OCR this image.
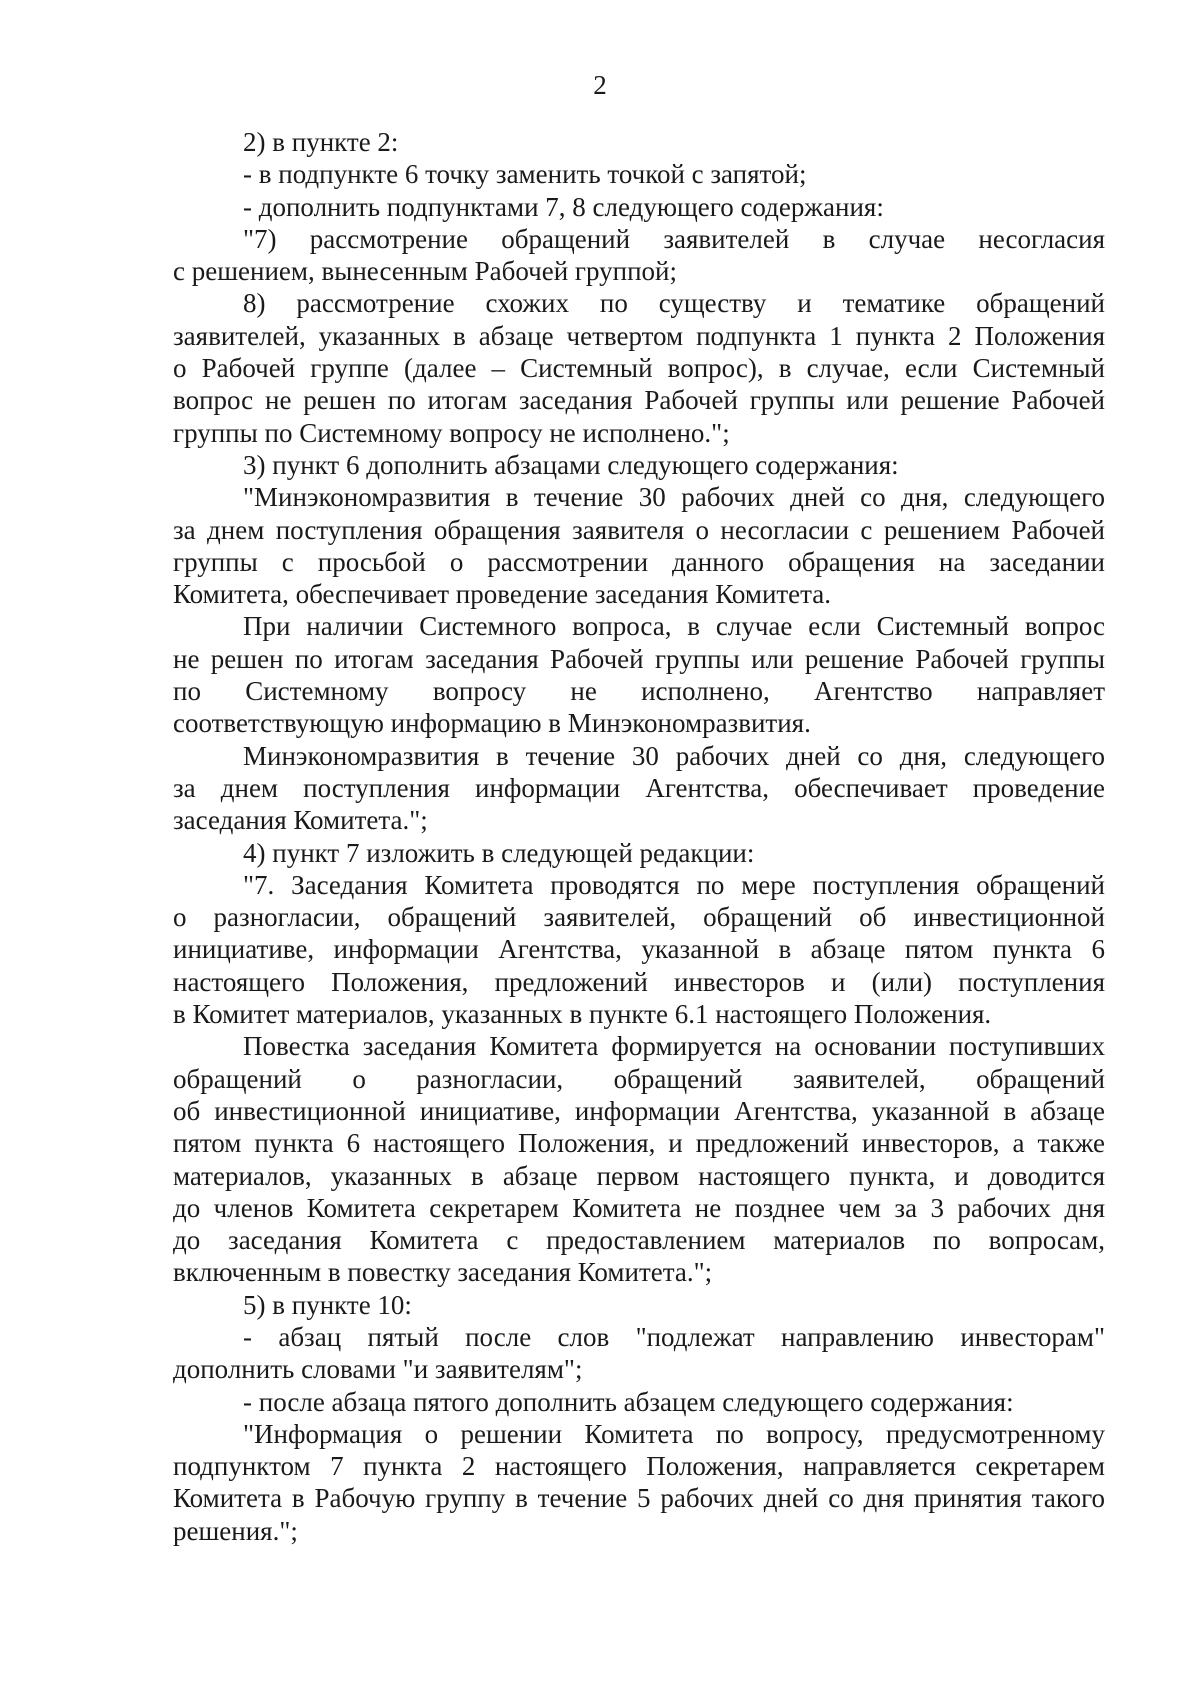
2
2) в пункте 2:
- в подпункте 6 точку заменить точкой с запятой;
- дополнить подпунктами 7, 8 следующего содержания:
"7) рассмотрение обращений заявителей в случае несогласия
с решением, вынесенным Рабочей группой;
8) рассмотрение схожих по существу и тематике обращений
заявителей, указанных в абзаце четвертом подпункта 1 пункта 2 Положения
о Рабочей группе (далее – Системный вопрос), в случае, если Системный
вопрос не решен по итогам заседания Рабочей группы или решение Рабочей
группы по Системному вопросу не исполнено.";
3) пункт 6 дополнить абзацами следующего содержания:
"Минэкономразвития в течение 30 рабочих дней со дня, следующего
за днем поступления обращения заявителя о несогласии с решением Рабочей
группы с просьбой о рассмотрении данного обращения на заседании
Комитета, обеспечивает проведение заседания Комитета.
При наличии Системного вопроса, в случае если Системный вопрос
не решен по итогам заседания Рабочей группы или решение Рабочей группы
по Системному вопросу не исполнено, Агентство направляет
соответствующую информацию в Минэкономразвития.
Минэкономразвития в течение 30 рабочих дней со дня, следующего
за днем поступления информации Агентства, обеспечивает проведение
заседания Комитета.";
4) пункт 7 изложить в следующей редакции:
"7. Заседания Комитета проводятся по мере поступления обращений
о разногласии, обращений заявителей, обращений об инвестиционной
инициативе, информации Агентства, указанной в абзаце пятом пункта 6
настоящего Положения, предложений инвесторов и (или) поступления
в Комитет материалов, указанных в пункте 6.1 настоящего Положения.
Повестка заседания Комитета формируется на основании поступивших
обращений о разногласии, обращений заявителей, обращений
об инвестиционной инициативе, информации Агентства, указанной в абзаце
пятом пункта 6 настоящего Положения, и предложений инвесторов, а также
материалов, указанных в абзаце первом настоящего пункта, и доводится
до членов Комитета секретарем Комитета не позднее чем за 3 рабочих дня
до заседания Комитета с предоставлением материалов по вопросам,
включенным в повестку заседания Комитета.";
5) в пункте 10:
- абзац пятый после слов "подлежат направлению инвесторам"
дополнить словами "и заявителям";
- после абзаца пятого дополнить абзацем следующего содержания:
"Информация о решении Комитета по вопросу, предусмотренному
подпунктом 7 пункта 2 настоящего Положения, направляется секретарем
Комитета в Рабочую группу в течение 5 рабочих дней со дня принятия такого
решения.";
